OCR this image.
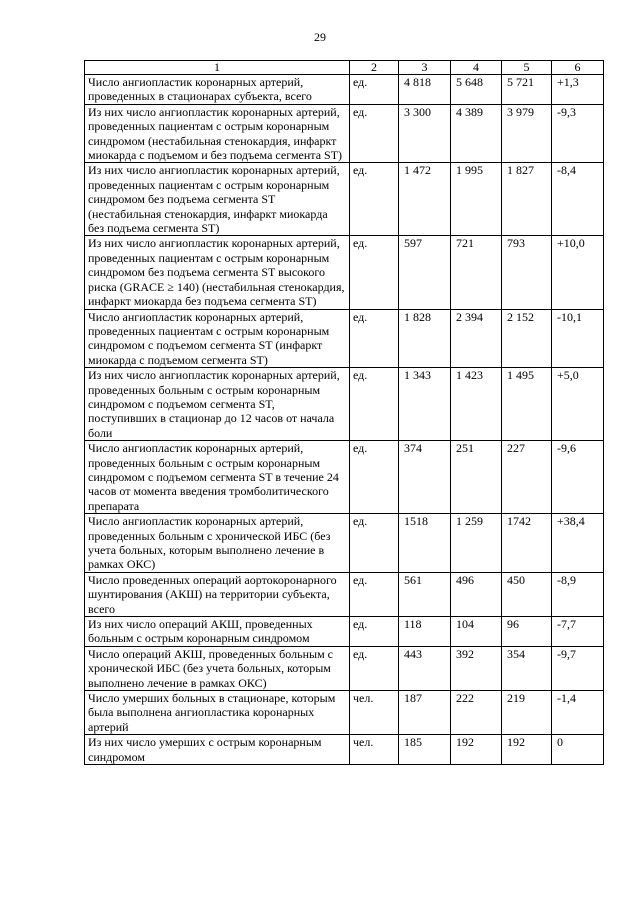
29
1	2	3	4	5	6
Число ангиопластик коронарных артерий, проведенных в стационарах субъекта, всего	ед.	4 818	5 648	5 721	+1,3
Из них число ангиопластик коронарных артерий, проведенных пациентам с острым коронарным синдромом (нестабильная стенокардия, инфаркт миокарда с подъемом и без подъема сегмента ST)	ед.	3 300	4 389	3 979	-9,3
Из них число ангиопластик коронарных артерий, проведенных пациентам с острым коронарным синдромом без подъема сегмента ST (нестабильная стенокардия, инфаркт миокарда без подъема сегмента ST)	ед.	1 472	1 995	1 827	-8,4
Из них число ангиопластик коронарных артерий, проведенных пациентам с острым коронарным синдромом без подъема сегмента ST высокого риска (GRACE ≥ 140) (нестабильная стенокардия, инфаркт миокарда без подъема сегмента ST)	ед.	597	721	793	+10,0
Число ангиопластик коронарных артерий, проведенных пациентам с острым коронарным синдромом с подъемом сегмента ST (инфаркт миокарда с подъемом сегмента ST)	ед.	1 828	2 394	2 152	-10,1
Из них число ангиопластик коронарных артерий, проведенных больным с острым коронарным синдромом с подъемом сегмента ST, поступивших в стационар до 12 часов от начала боли	ед.	1 343	1 423	1 495	+5,0
Число ангиопластик коронарных артерий, проведенных больным с острым коронарным синдромом с подъемом сегмента ST в течение 24 часов от момента введения тромболитического препарата	ед.	374	251	227	-9,6
Число ангиопластик коронарных артерий, проведенных больным с хронической ИБС (без учета больных, которым выполнено лечение в рамках ОКС)	ед.	1518	1 259	1742	+38,4
Число проведенных операций аортокоронарного шунтирования (АКШ) на территории субъекта, всего	ед.	561	496	450	-8,9
Из них число операций АКШ, проведенных больным с острым коронарным синдромом	ед.	118	104	96	-7,7
Число операций АКШ, проведенных больным с хронической ИБС (без учета больных, которым выполнено лечение в рамках ОКС)	ед.	443	392	354	-9,7
Число умерших больных в стационаре, которым была выполнена ангиопластика коронарных артерий	чел.	187	222	219	-1,4
Из них число умерших с острым коронарным синдромом	чел.	185	192	192	0
